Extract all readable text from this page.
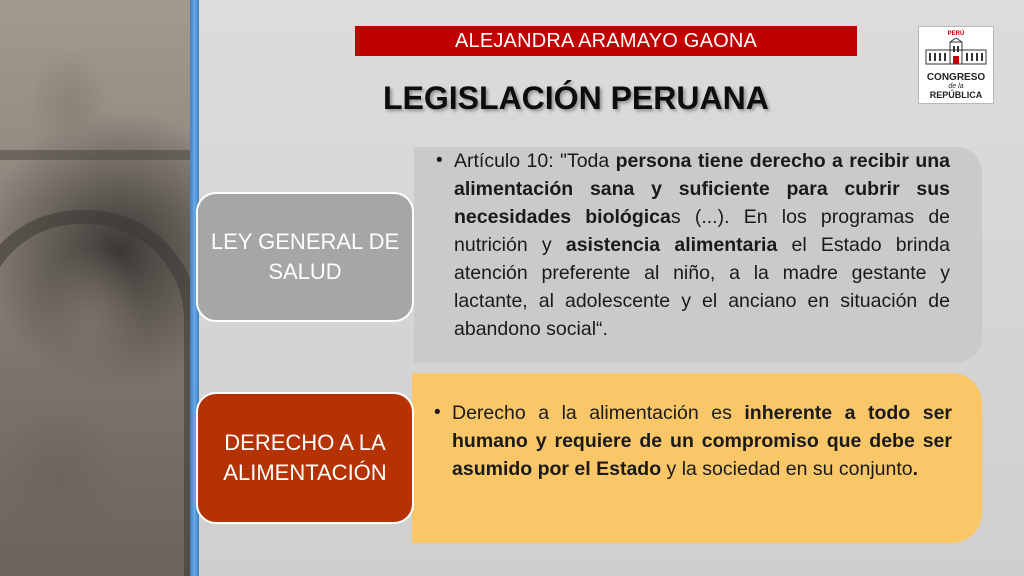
ALEJANDRA ARAMAYO GAONA
LEGISLACIÓN PERUANA
PERÚ
CONGRESO
de la
REPÚBLICA

• Artículo 10: "Toda persona tiene derecho a recibir una alimentación sana y suficiente para cubrir sus necesidades biológicas (...). En los programas de nutrición y asistencia alimentaria el Estado brinda atención preferente al niño, a la madre gestante y lactante, al adolescente y el anciano en situación de abandono social“.

LEY GENERAL DE
SALUD

• Derecho a la alimentación es inherente a todo ser humano y requiere de un compromiso que debe ser asumido por el Estado y la sociedad en su conjunto.

DERECHO A LA
ALIMENTACIÓN
